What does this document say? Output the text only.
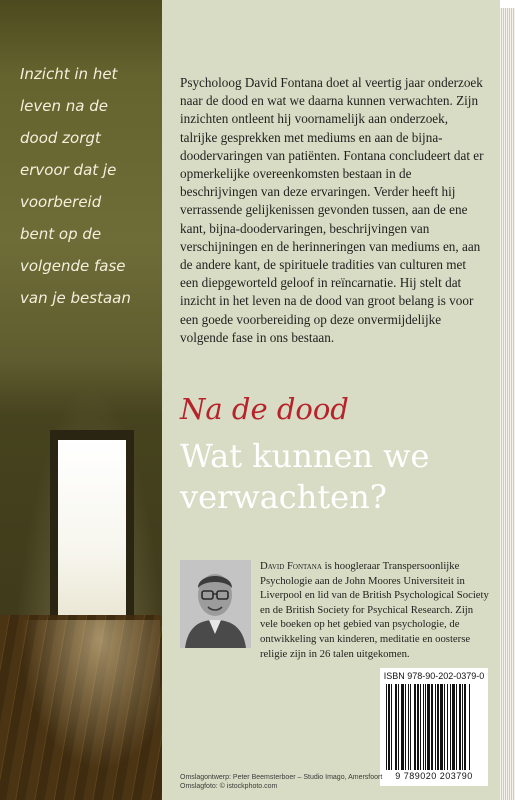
Inzicht in het
leven na de
dood zorgt
ervoor dat je
voorbereid
bent op de
volgende fase
van je bestaan

Psycholoog David Fontana doet al veertig jaar onderzoek naar de dood en wat we daarna kunnen verwachten. Zijn inzichten ontleent hij voornamelijk aan onderzoek, talrijke gesprekken met mediums en aan de bijna-doodervaringen van patiënten. Fontana concludeert dat er opmerkelijke overeenkomsten bestaan in de beschrijvingen van deze ervaringen. Verder heeft hij verrassende gelijkenissen gevonden tussen, aan de ene kant, bijna-doodervaringen, beschrijvingen van verschijningen en de herinneringen van mediums en, aan de andere kant, de spirituele tradities van culturen met een diepgeworteld geloof in reïncarnatie. Hij stelt dat inzicht in het leven na de dood van groot belang is voor een goede voorbereiding op deze onvermijdelijke volgende fase in ons bestaan.

Na de dood
Wat kunnen we verwachten?

David Fontana is hoogleraar Transpersoonlijke Psychologie aan de John Moores Universiteit in Liverpool en lid van de British Psychological Society en de British Society for Psychical Research. Zijn vele boeken op het gebied van psychologie, de ontwikkeling van kinderen, meditatie en oosterse religie zijn in 26 talen uitgekomen.

ISBN 978-90-202-0379-0
9 789020 203790
Omslagontwerp: Peter Beemsterboer – Studio Imago, Amersfoort
Omslagfoto: © istockphoto.com
